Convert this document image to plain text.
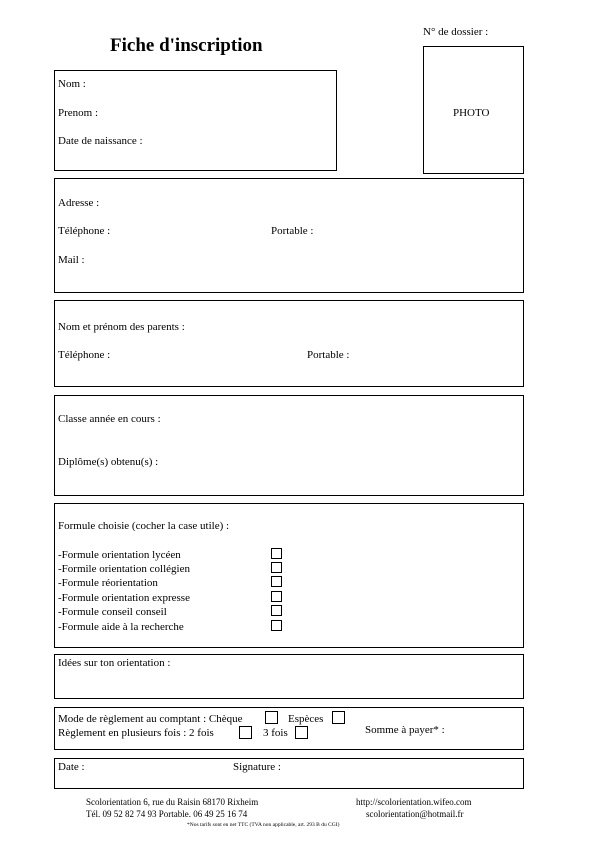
Fiche d'inscription
N° de dossier :
PHOTO
Nom :
Prenom :
Date de naissance :
Adresse :
Téléphone :	Portable :
Mail :
Nom et prénom des parents :
Téléphone :	Portable :
Classe année en cours :
Diplôme(s) obtenu(s) :
Formule choisie (cocher la case utile) :
-Formule orientation lycéen
-Formile orientation collégien
-Formule réorientation
-Formule orientation expresse
-Formule conseil conseil
-Formule aide à la recherche
Idées sur ton orientation :
Mode de règlement au comptant : Chèque	Espèces
Règlement en plusieurs fois : 2 fois	3 fois	Somme à payer* :
Date :	Signature :
Scolorientation 6, rue du Raisin 68170 Rixheim
Tél. 09 52 82 74 93 Portable. 06 49 25 16 74
http://scolorientation.wifeo.com
scolorientation@hotmail.fr
*Nos tarifs sont en net TTC (TVA non applicable, art. 293 B du CGI)
